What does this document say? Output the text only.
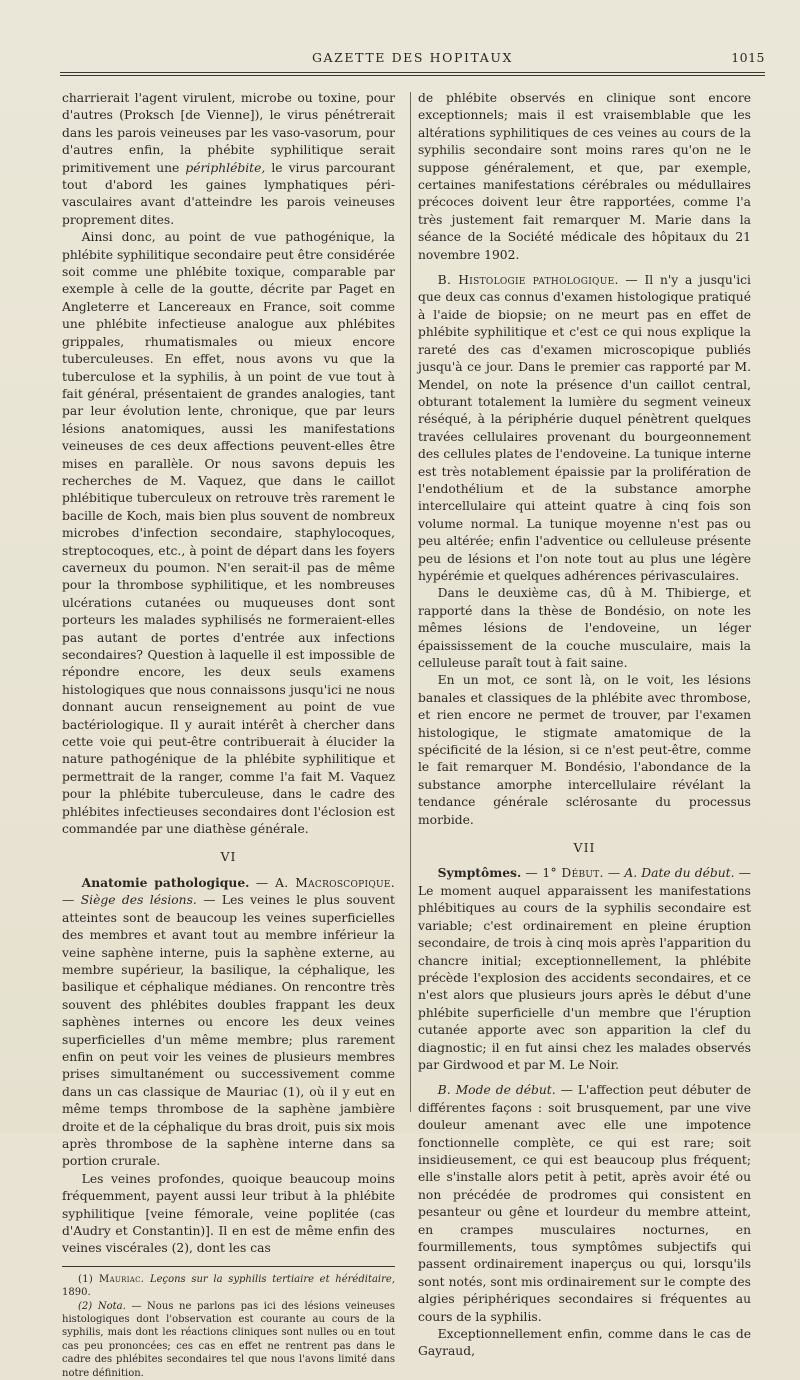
GAZETTE DES HOPITAUX	1015

charrierait l'agent virulent, microbe ou toxine, pour d'autres (Proksch [de Vienne]), le virus pénétrerait dans les parois veineuses par les vaso-vasorum, pour d'autres enfin, la phébite syphilitique serait primitivement une périphlébite, le virus parcourant tout d'abord les gaines lymphatiques péri-vasculaires avant d'atteindre les parois veineuses proprement dites.

Ainsi donc, au point de vue pathogénique, la phlébite syphilitique secondaire peut être considérée soit comme une phlébite toxique, comparable par exemple à celle de la goutte, décrite par Paget en Angleterre et Lancereaux en France, soit comme une phlébite infectieuse analogue aux phlébites grippales, rhumatismales ou mieux encore tuberculeuses. En effet, nous avons vu que la tuberculose et la syphilis, à un point de vue tout à fait général, présentaient de grandes analogies, tant par leur évolution lente, chronique, que par leurs lésions anatomiques, aussi les manifestations veineuses de ces deux affections peuvent-elles être mises en parallèle. Or nous savons depuis les recherches de M. Vaquez, que dans le caillot phlébitique tuberculeux on retrouve très rarement le bacille de Koch, mais bien plus souvent de nombreux microbes d'infection secondaire, staphylocoques, streptocoques, etc., à point de départ dans les foyers caverneux du poumon. N'en serait-il pas de même pour la thrombose syphilitique, et les nombreuses ulcérations cutanées ou muqueuses dont sont porteurs les malades syphilisés ne formeraient-elles pas autant de portes d'entrée aux infections secondaires? Question à laquelle il est impossible de répondre encore, les deux seuls examens histologiques que nous connaissons jusqu'ici ne nous donnant aucun renseignement au point de vue bactériologique. Il y aurait intérêt à chercher dans cette voie qui peut-être contribuerait à élucider la nature pathogénique de la phlébite syphilitique et permettrait de la ranger, comme l'a fait M. Vaquez pour la phlébite tuberculeuse, dans le cadre des phlébites infectieuses secondaires dont l'éclosion est commandée par une diathèse générale.

VI

Anatomie pathologique. — A. Macroscopique. — Siège des lésions. — Les veines le plus souvent atteintes sont de beaucoup les veines superficielles des membres et avant tout au membre inférieur la veine saphène interne, puis la saphène externe, au membre supérieur, la basilique, la céphalique, les basilique et céphalique médianes. On rencontre très souvent des phlébites doubles frappant les deux saphènes internes ou encore les deux veines superficielles d'un même membre; plus rarement enfin on peut voir les veines de plusieurs membres prises simultanément ou successivement comme dans un cas classique de Mauriac (1), où il y eut en même temps thrombose de la saphène jambière droite et de la céphalique du bras droit, puis six mois après thrombose de la saphène interne dans sa portion crurale.

Les veines profondes, quoique beaucoup moins fréquemment, payent aussi leur tribut à la phlébite syphilitique [veine fémorale, veine poplitée (cas d'Audry et Constantin)]. Il en est de même enfin des veines viscérales (2), dont les cas

(1) Mauriac. Leçons sur la syphilis tertiaire et héréditaire, 1890.

(2) Nota. — Nous ne parlons pas ici des lésions veineuses histologiques dont l'observation est courante au cours de la syphilis, mais dont les réactions cliniques sont nulles ou en tout cas peu prononcées; ces cas en effet ne rentrent pas dans le cadre des phlébites secondaires tel que nous l'avons limité dans notre définition.

de phlébite observés en clinique sont encore exceptionnels; mais il est vraisemblable que les altérations syphilitiques de ces veines au cours de la syphilis secondaire sont moins rares qu'on ne le suppose généralement, et que, par exemple, certaines manifestations cérébrales ou médullaires précoces doivent leur être rapportées, comme l'a très justement fait remarquer M. Marie dans la séance de la Société médicale des hôpitaux du 21 novembre 1902.

B. Histologie pathologique. — Il n'y a jusqu'ici que deux cas connus d'examen histologique pratiqué à l'aide de biopsie; on ne meurt pas en effet de phlébite syphilitique et c'est ce qui nous explique la rareté des cas d'examen microscopique publiés jusqu'à ce jour. Dans le premier cas rapporté par M. Mendel, on note la présence d'un caillot central, obturant totalement la lumière du segment veineux réséqué, à la périphérie duquel pénètrent quelques travées cellulaires provenant du bourgeonnement des cellules plates de l'endoveine. La tunique interne est très notablement épaissie par la prolifération de l'endothélium et de la substance amorphe intercellulaire qui atteint quatre à cinq fois son volume normal. La tunique moyenne n'est pas ou peu altérée; enfin l'adventice ou celluleuse présente peu de lésions et l'on note tout au plus une légère hypérémie et quelques adhérences périvasculaires.

Dans le deuxième cas, dû à M. Thibierge, et rapporté dans la thèse de Bondésio, on note les mêmes lésions de l'endoveine, un léger épaississement de la couche musculaire, mais la celluleuse paraît tout à fait saine.

En un mot, ce sont là, on le voit, les lésions banales et classiques de la phlébite avec thrombose, et rien encore ne permet de trouver, par l'examen histologique, le stigmate amatomique de la spécificité de la lésion, si ce n'est peut-être, comme le fait remarquer M. Bondésio, l'abondance de la substance amorphe intercellulaire révélant la tendance générale sclérosante du processus morbide.

VII

Symptômes. — 1° Début. — A. Date du début. — Le moment auquel apparaissent les manifestations phlébitiques au cours de la syphilis secondaire est variable; c'est ordinairement en pleine éruption secondaire, de trois à cinq mois après l'apparition du chancre initial; exceptionnellement, la phlébite précède l'explosion des accidents secondaires, et ce n'est alors que plusieurs jours après le début d'une phlébite superficielle d'un membre que l'éruption cutanée apporte avec son apparition la clef du diagnostic; il en fut ainsi chez les malades observés par Girdwood et par M. Le Noir.

B. Mode de début. — L'affection peut débuter de différentes façons : soit brusquement, par une vive douleur amenant avec elle une impotence fonctionnelle complète, ce qui est rare; soit insidieusement, ce qui est beaucoup plus fréquent; elle s'installe alors petit à petit, après avoir été ou non précédée de prodromes qui consistent en pesanteur ou gêne et lourdeur du membre atteint, en crampes musculaires nocturnes, en fourmillements, tous symptômes subjectifs qui passent ordinairement inaperçus ou qui, lorsqu'ils sont notés, sont mis ordinairement sur le compte des algies périphériques secondaires si fréquentes au cours de la syphilis.

Exceptionnellement enfin, comme dans le cas de Gayraud,
